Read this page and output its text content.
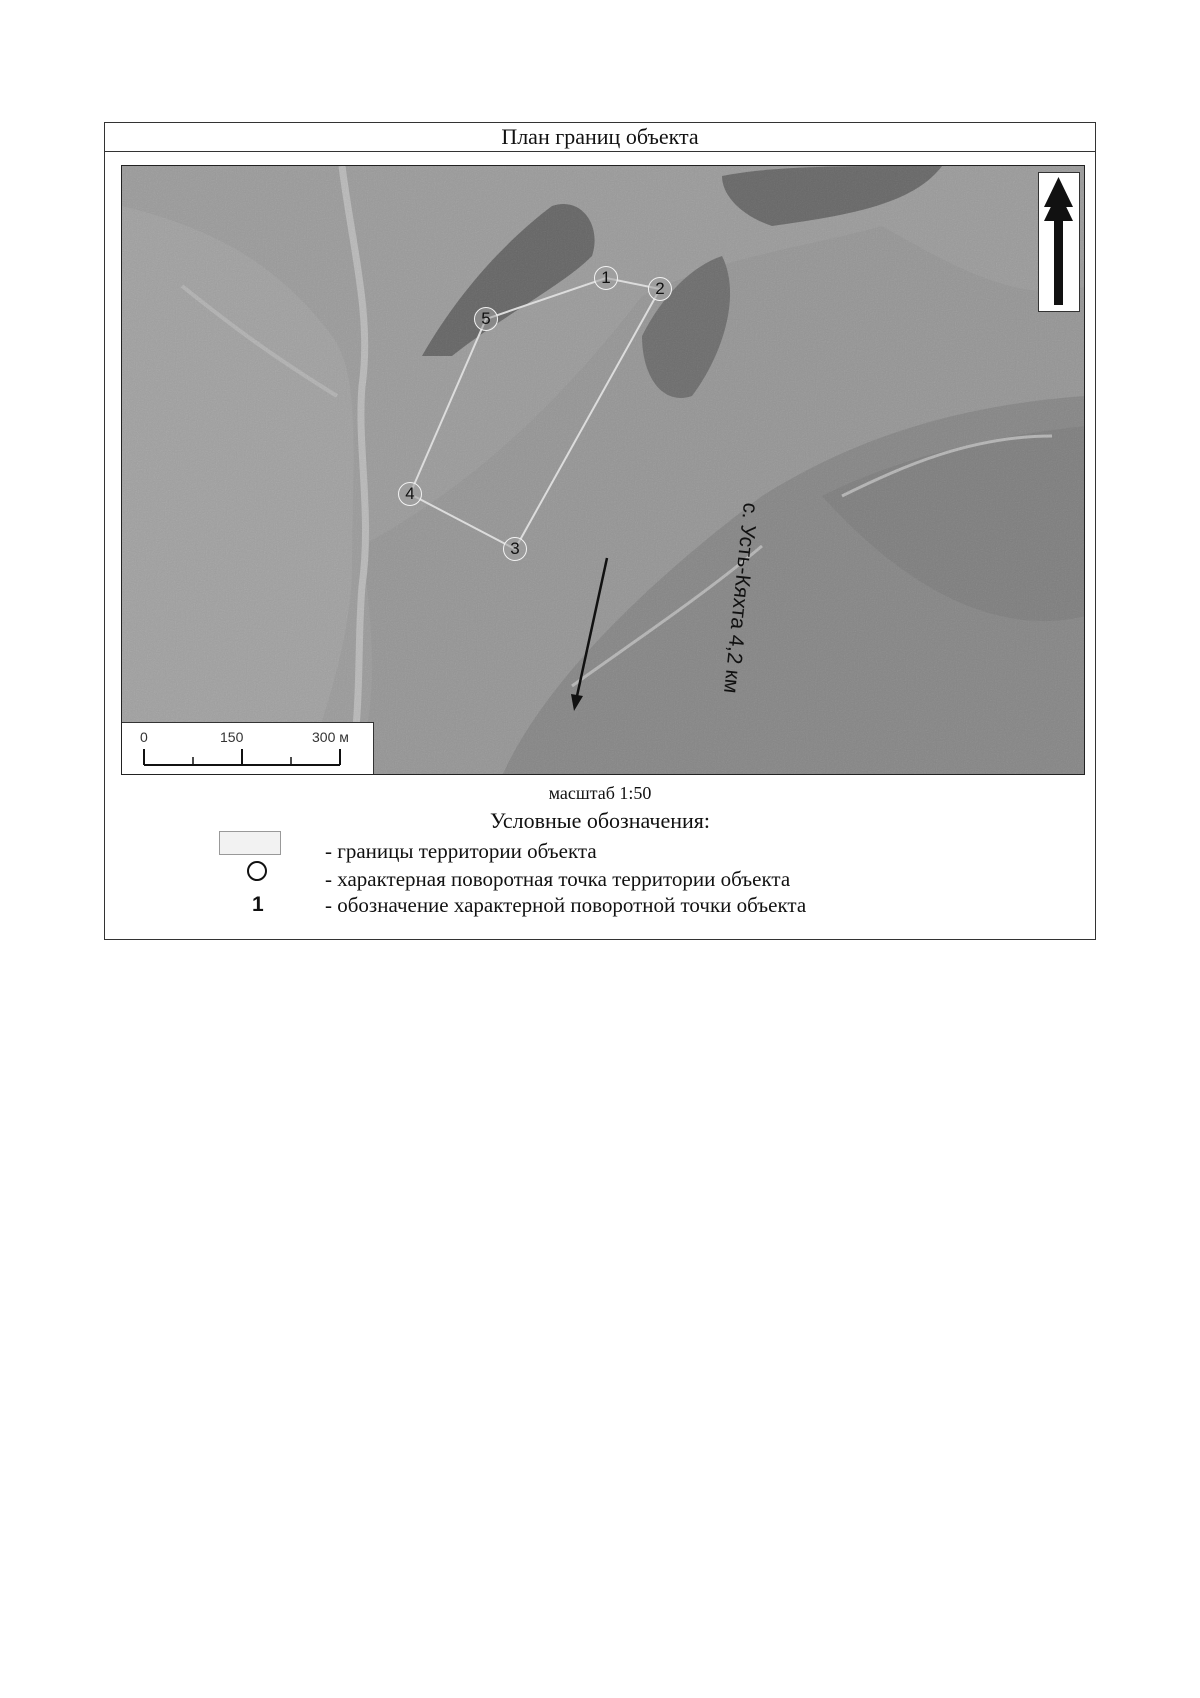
План границ объекта
1
2
3
4
5
с. Усть-Кяхта 4,2 км
0	150	300 м
масштаб 1:50
Условные обозначения:
- границы территории объекта
- характерная поворотная точка территории объекта
1	- обозначение характерной поворотной точки объекта
